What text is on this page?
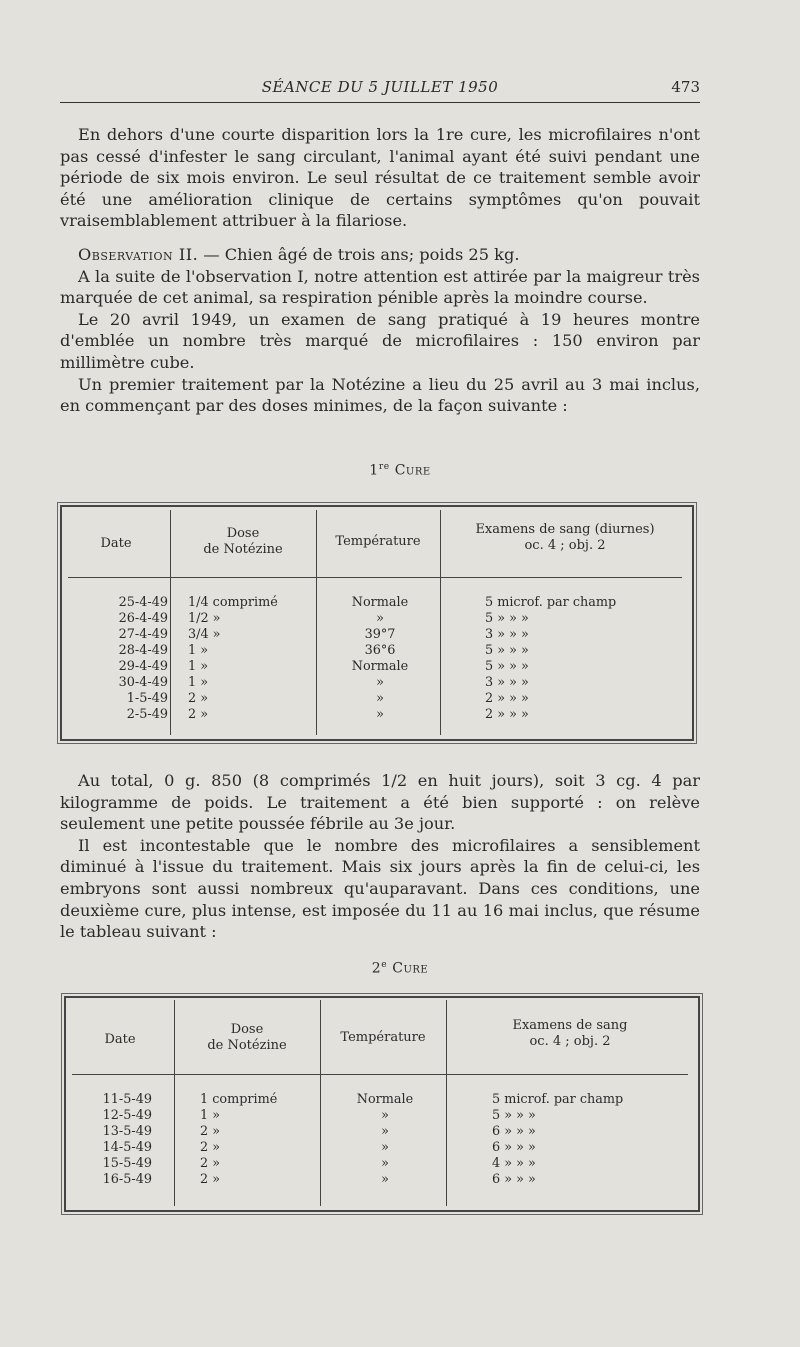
SÉANCE DU 5 JUILLET 1950	473

En dehors d'une courte disparition lors la 1re cure, les microfilaires n'ont pas cessé d'infester le sang circulant, l'animal ayant été suivi pendant une période de six mois environ. Le seul résultat de ce traitement semble avoir été une amélioration clinique de certains symptômes qu'on pouvait vraisemblablement attribuer à la filariose.

Observation II. — Chien âgé de trois ans; poids 25 kg.

A la suite de l'observation I, notre attention est attirée par la maigreur très marquée de cet animal, sa respiration pénible après la moindre course.

Le 20 avril 1949, un examen de sang pratiqué à 19 heures montre d'emblée un nombre très marqué de microfilaires : 150 environ par millimètre cube.

Un premier traitement par la Notézine a lieu du 25 avril au 3 mai inclus, en commençant par des doses minimes, de la façon suivante :

1re Cure
Date
Dose
de Notézine
Température
Examens de sang (diurnes)
oc. 4 ; obj. 2
25-4-49
26-4-49
27-4-49
28-4-49
29-4-49
30-4-49
1-5-49
2-5-49
1/4 comprimé
1/2 »
3/4 »
1 »
1 »
1 »
2 »
2 »
Normale
»
39°7
36°6
Normale
»
»
»
5 microf. par champ
5 » » »
3 » » »
5 » » »
5 » » »
3 » » »
2 » » »
2 » » »

Au total, 0 g. 850 (8 comprimés 1/2 en huit jours), soit 3 cg. 4 par kilogramme de poids. Le traitement a été bien supporté : on relève seulement une petite poussée fébrile au 3e jour.

Il est incontestable que le nombre des microfilaires a sensiblement diminué à l'issue du traitement. Mais six jours après la fin de celui-ci, les embryons sont aussi nombreux qu'auparavant. Dans ces conditions, une deuxième cure, plus intense, est imposée du 11 au 16 mai inclus, que résume le tableau suivant :

2e Cure
Date
Dose
de Notézine
Température
Examens de sang
oc. 4 ; obj. 2
11-5-49
12-5-49
13-5-49
14-5-49
15-5-49
16-5-49
1 comprimé
1 »
2 »
2 »
2 »
2 »
Normale
»
»
»
»
»
5 microf. par champ
5 » » »
6 » » »
6 » » »
4 » » »
6 » » »
